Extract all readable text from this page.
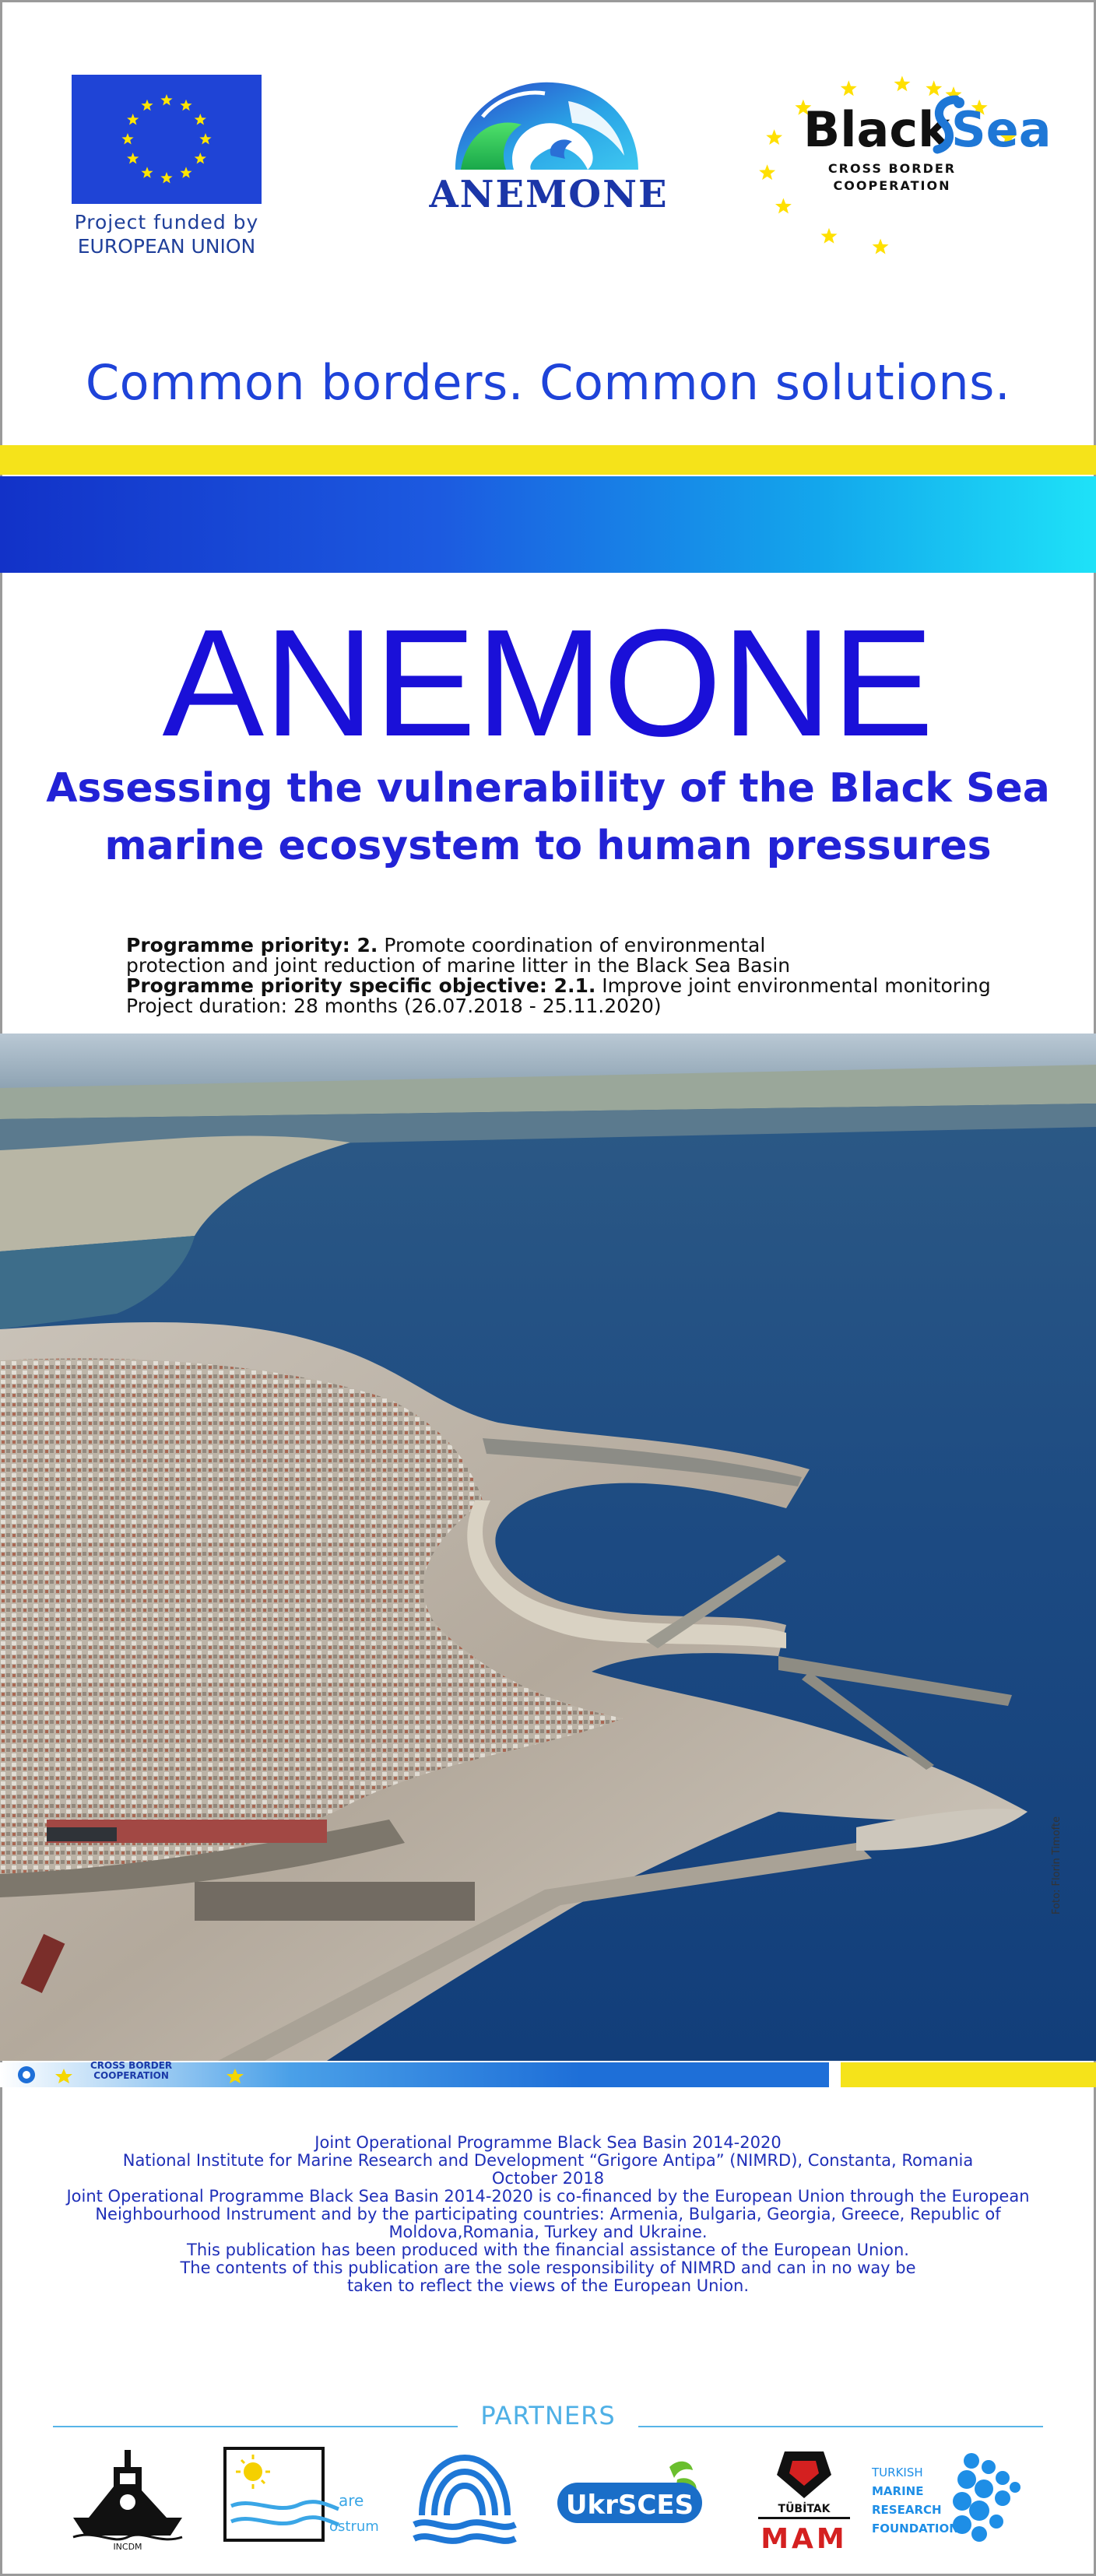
Project funded by
EUROPEAN UNION
ANEMONE
Black Sea
CROSS BORDER
COOPERATION
Common borders. Common solutions.
ANEMONE
Assessing the vulnerability of the Black Sea
marine ecosystem to human pressures
Programme priority: 2. Promote coordination of environmental
protection and joint reduction of marine litter in the Black Sea Basin
Programme priority specific objective: 2.1. Improve joint environmental monitoring
Project duration: 28 months (26.07.2018 - 25.11.2020)
Foto: Florin Timofte
CROSS BORDER
COOPERATION
Joint Operational Programme Black Sea Basin 2014-2020
National Institute for Marine Research and Development “Grigore Antipa” (NIMRD), Constanta, Romania
October 2018
Joint Operational Programme Black Sea Basin 2014-2020 is co-financed by the European Union through the European
Neighbourhood Instrument and by the participating countries: Armenia, Bulgaria, Georgia, Greece, Republic of
Moldova,Romania, Turkey and Ukraine.
This publication has been produced with the financial assistance of the European Union.
The contents of this publication are the sole responsibility of NIMRD and can in no way be
taken to reflect the views of the European Union.
PARTNERS
INCDM
are
ostrum
UkrSCES	TÜBİTAK
MAM
TURKISH
MARINE
RESEARCH
FOUNDATION
